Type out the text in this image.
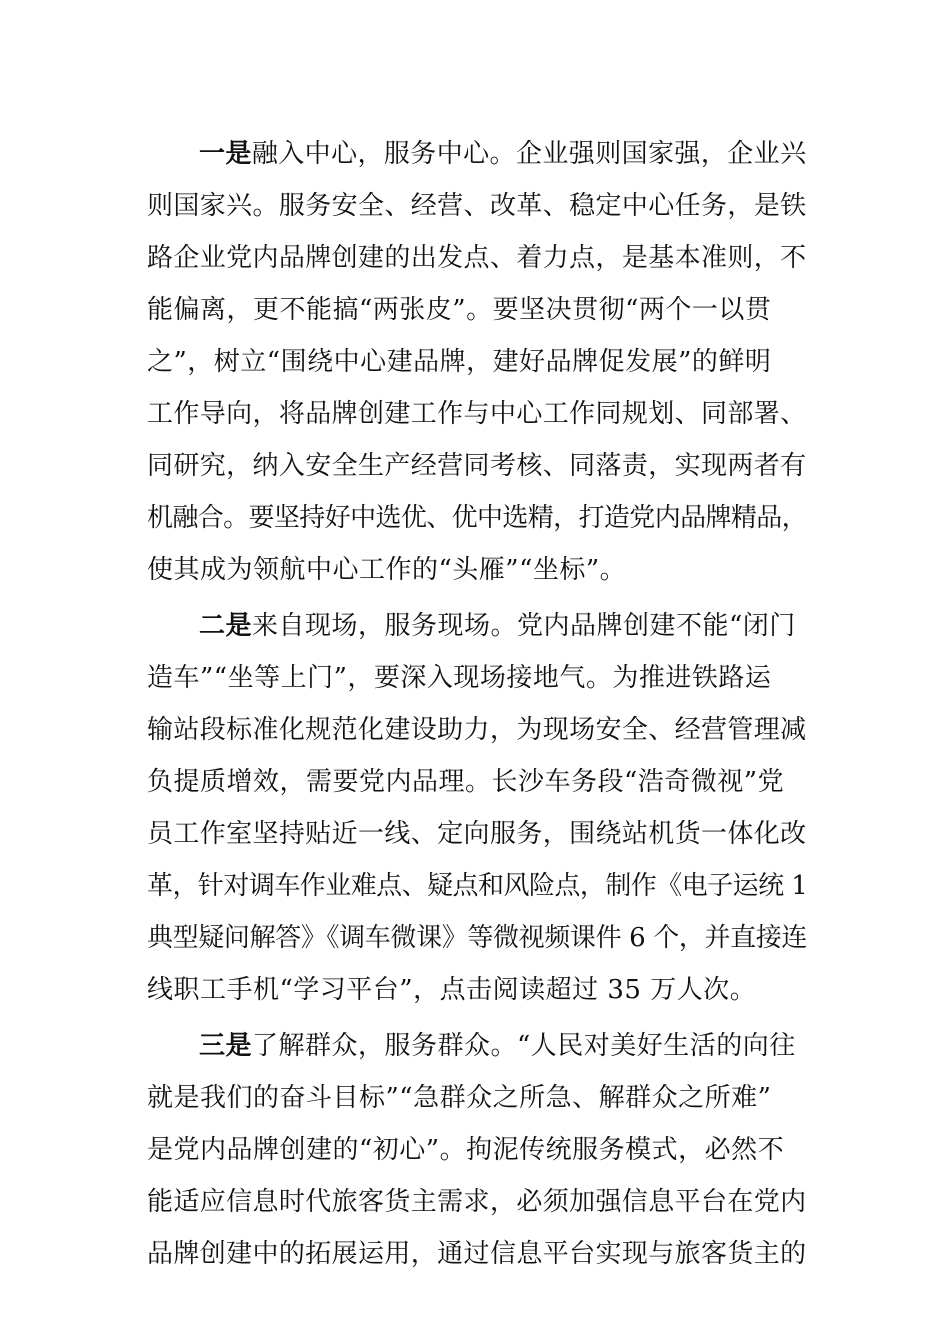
一是融入中心，服务中心。企业强则国家强，企业兴
则国家兴。服务安全、经营、改革、稳定中心任务，是铁
路企业党内品牌创建的出发点、着力点，是基本准则，不
能偏离，更不能搞“两张皮”。要坚决贯彻“两个一以贯
之”，树立“围绕中心建品牌，建好品牌促发展”的鲜明
工作导向，将品牌创建工作与中心工作同规划、同部署、
同研究，纳入安全生产经营同考核、同落责，实现两者有
机融合。要坚持好中选优、优中选精，打造党内品牌精品，
使其成为领航中心工作的“头雁”“坐标”。
二是来自现场，服务现场。党内品牌创建不能“闭门
造车”“坐等上门”，要深入现场接地气。为推进铁路运
输站段标准化规范化建设助力，为现场安全、经营管理减
负提质增效，需要党内品理。长沙车务段“浩奇微视”党
员工作室坚持贴近一线、定向服务，围绕站机货一体化改
革，针对调车作业难点、疑点和风险点，制作《电子运统 1
典型疑问解答》《调车微课》等微视频课件 6 个，并直接连
线职工手机“学习平台”，点击阅读超过 35 万人次。
三是了解群众，服务群众。“人民对美好生活的向往
就是我们的奋斗目标”“急群众之所急、解群众之所难”
是党内品牌创建的“初心”。拘泥传统服务模式，必然不
能适应信息时代旅客货主需求，必须加强信息平台在党内
品牌创建中的拓展运用，通过信息平台实现与旅客货主的
